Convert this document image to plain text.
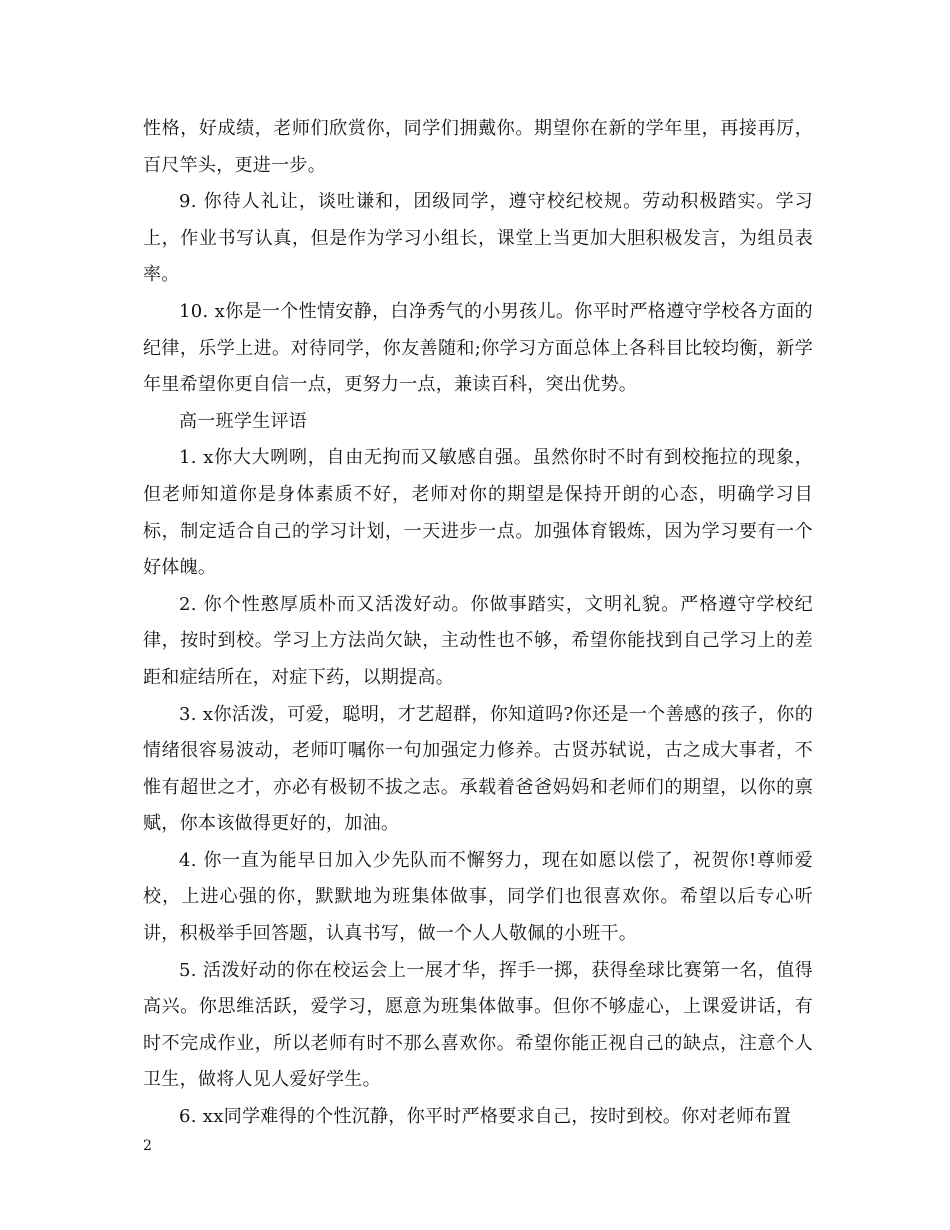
性格，好成绩，老师们欣赏你，同学们拥戴你。期望你在新的学年里，再接再厉，百尺竿头，更进一步。

9. 你待人礼让，谈吐谦和，团级同学，遵守校纪校规。劳动积极踏实。学习上，作业书写认真，但是作为学习小组长，课堂上当更加大胆积极发言，为组员表率。

10. x你是一个性情安静，白净秀气的小男孩儿。你平时严格遵守学校各方面的纪律，乐学上进。对待同学，你友善随和;你学习方面总体上各科目比较均衡，新学年里希望你更自信一点，更努力一点，兼读百科，突出优势。

高一班学生评语

1. x你大大咧咧，自由无拘而又敏感自强。虽然你时不时有到校拖拉的现象，但老师知道你是身体素质不好，老师对你的期望是保持开朗的心态，明确学习目标，制定适合自己的学习计划，一天进步一点。加强体育锻炼，因为学习要有一个好体魄。

2. 你个性憨厚质朴而又活泼好动。你做事踏实，文明礼貌。严格遵守学校纪律，按时到校。学习上方法尚欠缺，主动性也不够，希望你能找到自己学习上的差距和症结所在，对症下药，以期提高。

3. x你活泼，可爱，聪明，才艺超群，你知道吗?你还是一个善感的孩子，你的情绪很容易波动，老师叮嘱你一句加强定力修养。古贤苏轼说，古之成大事者，不惟有超世之才，亦必有极韧不拔之志。承载着爸爸妈妈和老师们的期望，以你的禀赋，你本该做得更好的，加油。

4. 你一直为能早日加入少先队而不懈努力，现在如愿以偿了，祝贺你!尊师爱校，上进心强的你，默默地为班集体做事，同学们也很喜欢你。希望以后专心听讲，积极举手回答题，认真书写，做一个人人敬佩的小班干。

5. 活泼好动的你在校运会上一展才华，挥手一掷，获得垒球比赛第一名，值得高兴。你思维活跃，爱学习，愿意为班集体做事。但你不够虚心，上课爱讲话，有时不完成作业，所以老师有时不那么喜欢你。希望你能正视自己的缺点，注意个人卫生，做将人见人爱好学生。

6. xx同学难得的个性沉静，你平时严格要求自己，按时到校。你对老师布置

2
